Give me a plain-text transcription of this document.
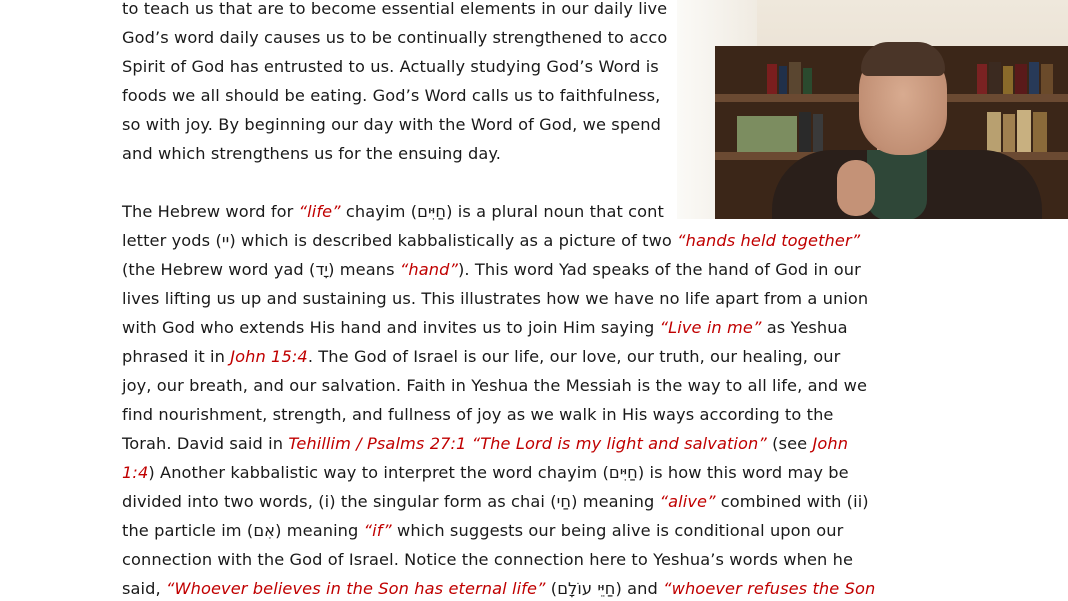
to teach us that are to become essential elements in our daily live
God’s word daily causes us to be continually strengthened to acco
Spirit of God has entrusted to us. Actually studying God’s Word is
foods we all should be eating. God’s Word calls us to faithfulness,
so with joy. By beginning our day with the Word of God, we spend
and which strengthens us for the ensuing day.
The Hebrew word for “life” chayim (חַיִּים) is a plural noun that cont
letter yods (יי) which is described kabbalistically as a picture of two “hands held together”
(the Hebrew word yad (יָד) means “hand”). This word Yad speaks of the hand of God in our
lives lifting us up and sustaining us. This illustrates how we have no life apart from a union
with God who extends His hand and invites us to join Him saying “Live in me” as Yeshua
phrased it in John 15:4. The God of Israel is our life, our love, our truth, our healing, our
joy, our breath, and our salvation. Faith in Yeshua the Messiah is the way to all life, and we
find nourishment, strength, and fullness of joy as we walk in His ways according to the
Torah. David said in Tehillim / Psalms 27:1 “The Lord is my light and salvation” (see John
1:4) Another kabbalistic way to interpret the word chayim (חַיִּים) is how this word may be
divided into two words, (i) the singular form as chai (חַי) meaning “alive” combined with (ii)
the particle im (אִם) meaning “if” which suggests our being alive is conditional upon our
connection with the God of Israel. Notice the connection here to Yeshua’s words when he
said, “Whoever believes in the Son has eternal life” (חַיֵּי עוֹלָם) and “whoever refuses the Son
